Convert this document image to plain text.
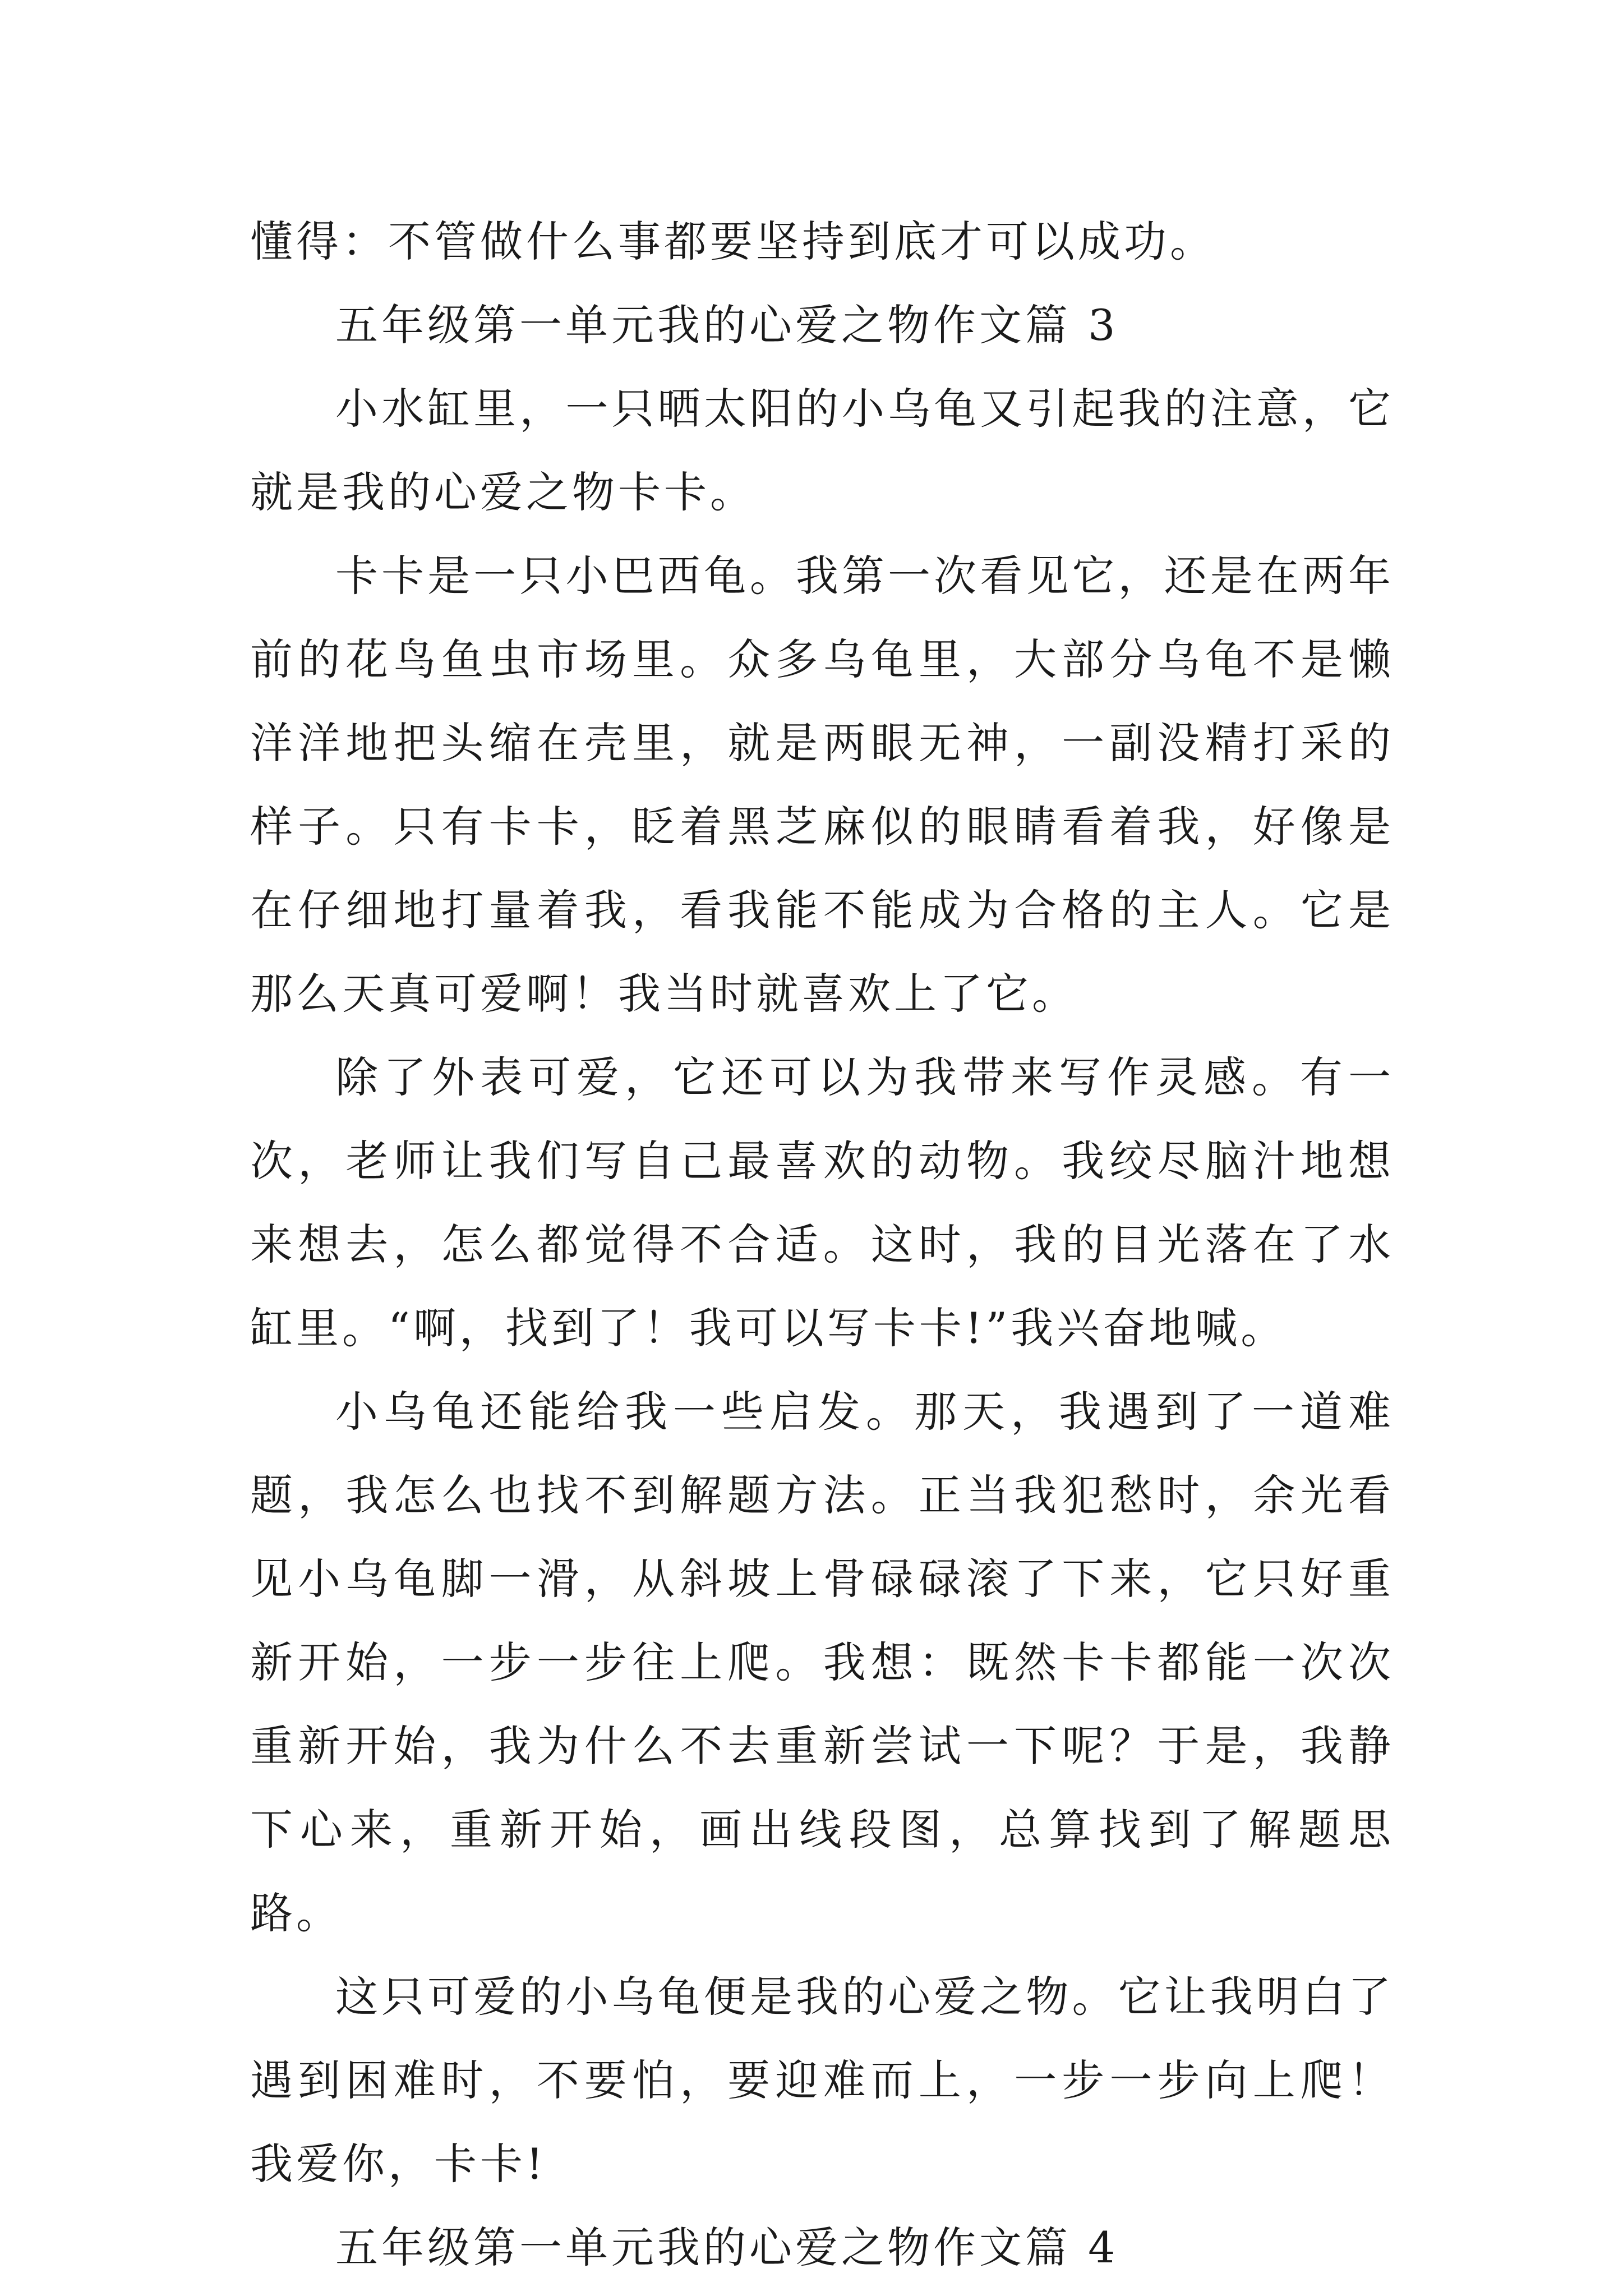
懂得：不管做什么事都要坚持到底才可以成功。

五年级第一单元我的心爱之物作文篇 3

小水缸里，一只晒太阳的小乌龟又引起我的注意，它就是我的心爱之物卡卡。

卡卡是一只小巴西龟。我第一次看见它，还是在两年前的花鸟鱼虫市场里。众多乌龟里，大部分乌龟不是懒洋洋地把头缩在壳里，就是两眼无神，一副没精打采的样子。只有卡卡，眨着黑芝麻似的眼睛看着我，好像是在仔细地打量着我，看我能不能成为合格的主人。它是那么天真可爱啊！我当时就喜欢上了它。

除了外表可爱，它还可以为我带来写作灵感。有一次，老师让我们写自己最喜欢的动物。我绞尽脑汁地想来想去，怎么都觉得不合适。这时，我的目光落在了水缸里。“啊，找到了！我可以写卡卡!”我兴奋地喊。

小乌龟还能给我一些启发。那天，我遇到了一道难题，我怎么也找不到解题方法。正当我犯愁时，余光看见小乌龟脚一滑，从斜坡上骨碌碌滚了下来，它只好重新开始，一步一步往上爬。我想：既然卡卡都能一次次重新开始，我为什么不去重新尝试一下呢？于是，我静下心来，重新开始，画出线段图，总算找到了解题思路。

这只可爱的小乌龟便是我的心爱之物。它让我明白了遇到困难时，不要怕，要迎难而上，一步一步向上爬！我爱你，卡卡!

五年级第一单元我的心爱之物作文篇 4
